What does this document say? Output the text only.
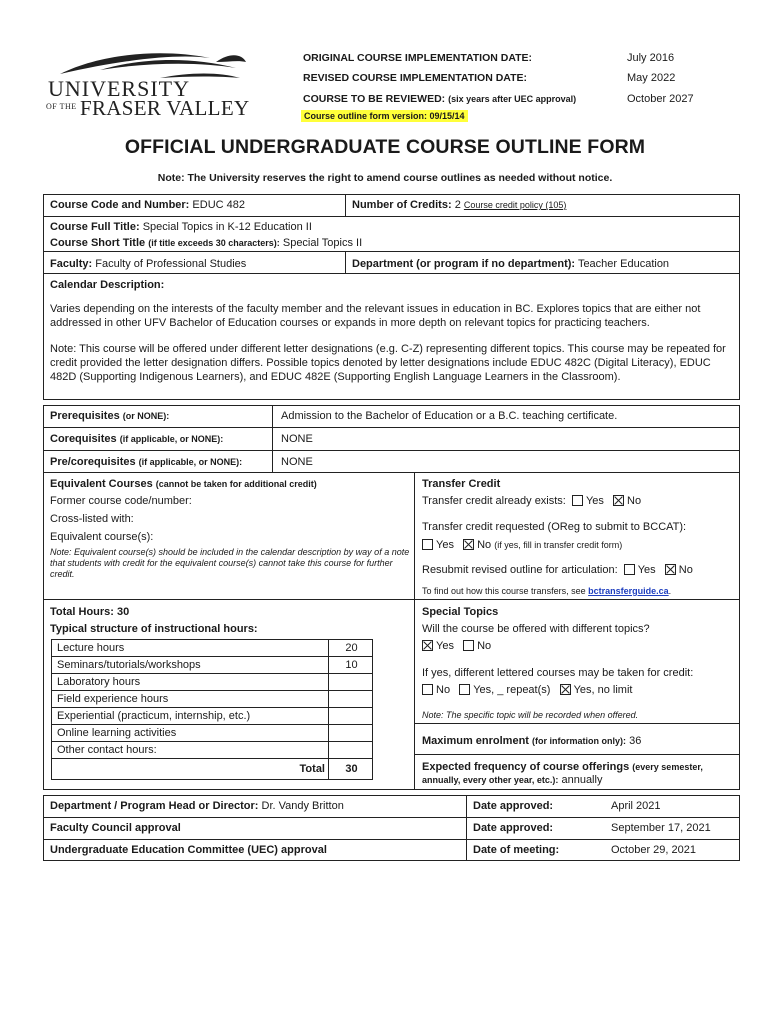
UNIVERSITY
OF THE FRASER VALLEY
ORIGINAL COURSE IMPLEMENTATION DATE:	July 2016
REVISED COURSE IMPLEMENTATION DATE:	May 2022
COURSE TO BE REVIEWED: (six years after UEC approval)	October 2027
Course outline form version: 09/15/14
OFFICIAL UNDERGRADUATE COURSE OUTLINE FORM
Note: The University reserves the right to amend course outlines as needed without notice.
Course Code and Number: EDUC 482	Number of Credits: 2 Course credit policy (105)
Course Full Title: Special Topics in K-12 Education II
Course Short Title (if title exceeds 30 characters): Special Topics II
Faculty: Faculty of Professional Studies	Department (or program if no department): Teacher Education
Calendar Description:
Varies depending on the interests of the faculty member and the relevant issues in education in BC. Explores topics that are either not addressed in other UFV Bachelor of Education courses or expands in more depth on relevant topics for practicing teachers.
Note: This course will be offered under different letter designations (e.g. C-Z) representing different topics. This course may be repeated for credit provided the letter designation differs. Possible topics denoted by letter designations include EDUC 482C (Digital Literacy), EDUC 482D (Supporting Indigenous Learners), and EDUC 482E (Supporting English Language Learners in the Classroom).
Prerequisites (or NONE):	Admission to the Bachelor of Education or a B.C. teaching certificate.
Corequisites (if applicable, or NONE):	NONE
Pre/corequisites (if applicable, or NONE):	NONE
Equivalent Courses (cannot be taken for additional credit)
Former course code/number:
Cross-listed with:
Equivalent course(s):
Note: Equivalent course(s) should be included in the calendar description by way of a note that students with credit for the equivalent course(s) cannot take this course for further credit.
Transfer Credit
Transfer credit already exists: Yes No
Transfer credit requested (OReg to submit to BCCAT):
Yes No (if yes, fill in transfer credit form)
Resubmit revised outline for articulation: Yes No
To find out how this course transfers, see bctransferguide.ca.
Total Hours: 30
Typical structure of instructional hours:
Lecture hours	20
Seminars/tutorials/workshops	10
Laboratory hours
Field experience hours
Experiential (practicum, internship, etc.)
Online learning activities
Other contact hours:
Total	30
Special Topics
Will the course be offered with different topics?
Yes No
If yes, different lettered courses may be taken for credit:
No Yes, _ repeat(s) Yes, no limit
Note: The specific topic will be recorded when offered.
Maximum enrolment (for information only): 36
Expected frequency of course offerings (every semester,
annually, every other year, etc.): annually
Department / Program Head or Director: Dr. Vandy Britton	Date approved:	April 2021
Faculty Council approval	Date approved:	September 17, 2021
Undergraduate Education Committee (UEC) approval	Date of meeting:	October 29, 2021
